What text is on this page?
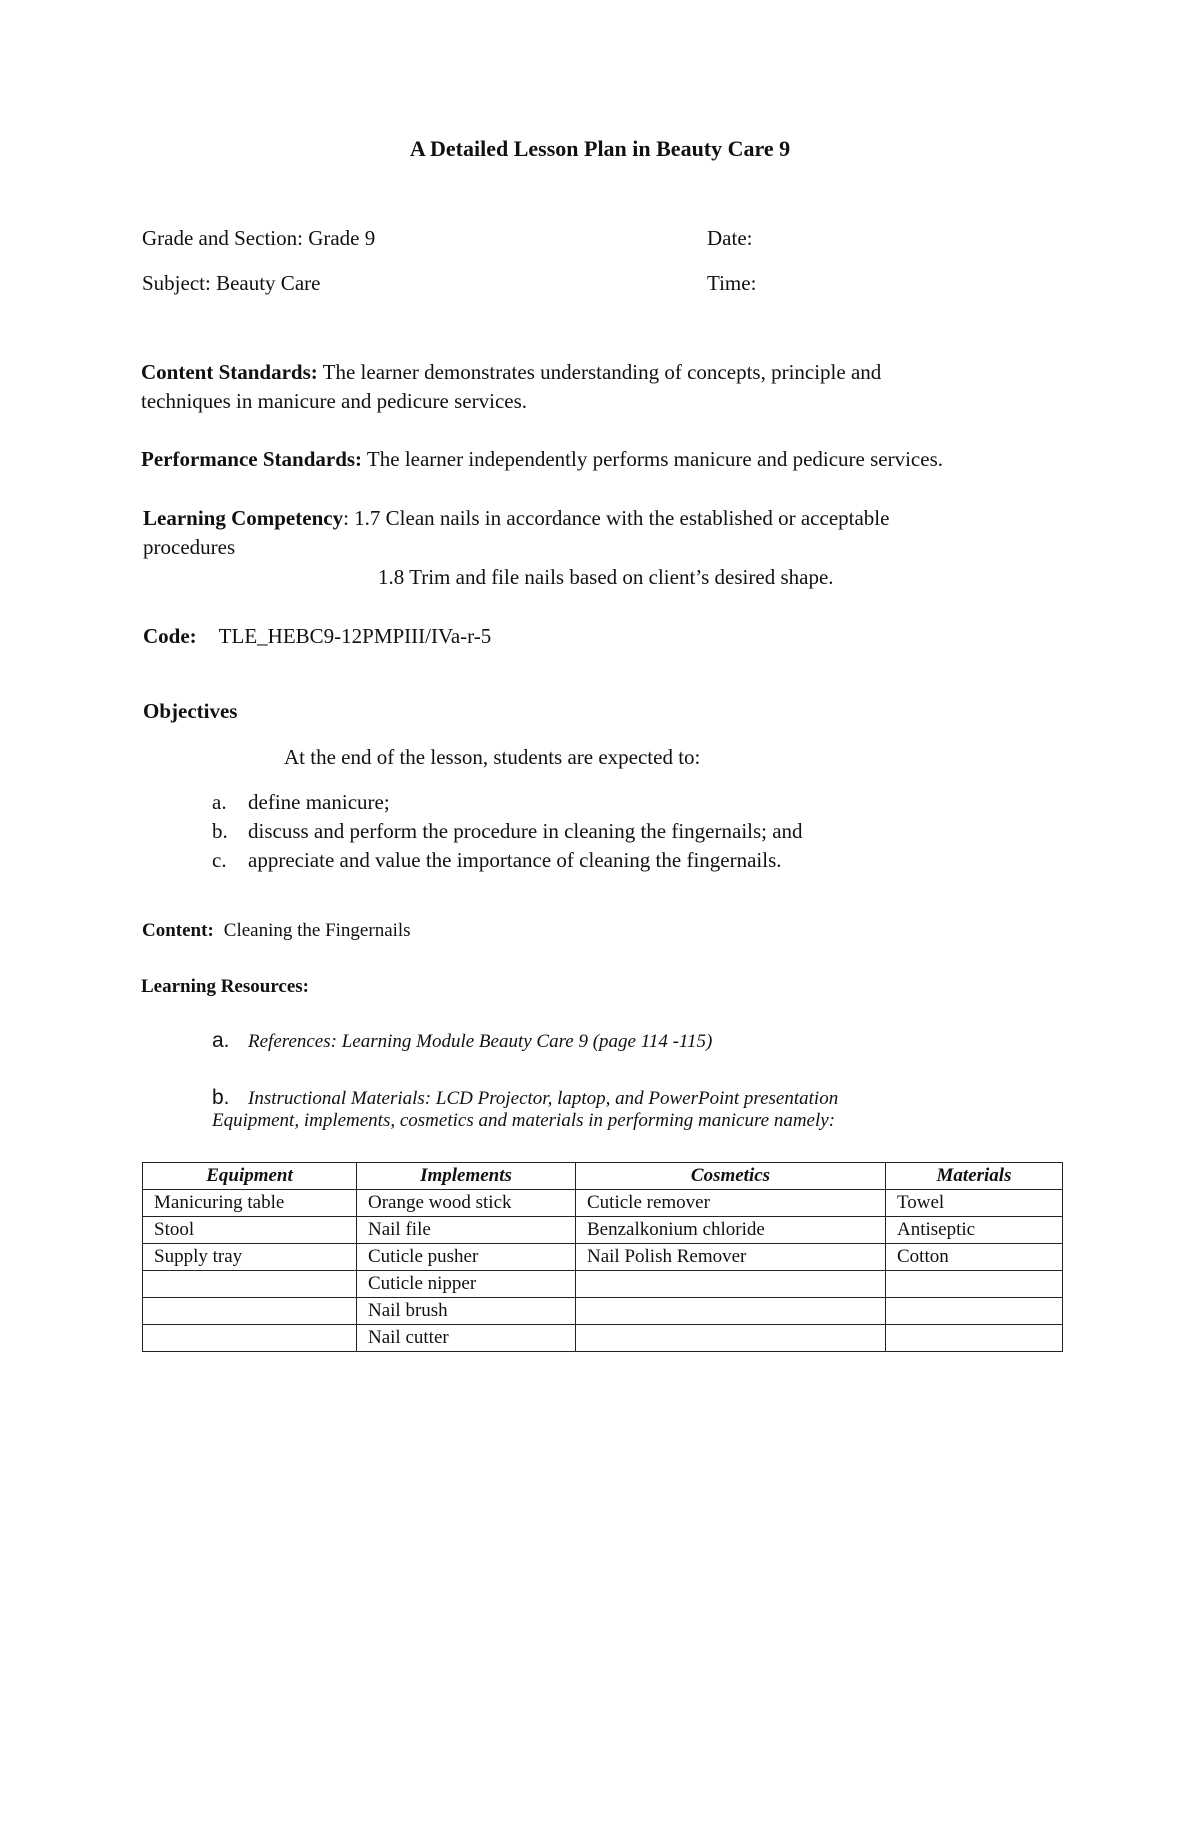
A Detailed Lesson Plan in Beauty Care 9
Grade and Section: Grade 9	Date:
Subject: Beauty Care	Time:
Content Standards: The learner demonstrates understanding of concepts, principle and
techniques in manicure and pedicure services.
Performance Standards: The learner independently performs manicure and pedicure services.
Learning Competency: 1.7 Clean nails in accordance with the established or acceptable
procedures
1.8 Trim and file nails based on client’s desired shape.
Code: TLE_HEBC9-12PMPIII/IVa-r-5
Objectives
At the end of the lesson, students are expected to:
a. define manicure;
b. discuss and perform the procedure in cleaning the fingernails; and
c. appreciate and value the importance of cleaning the fingernails.
Content: Cleaning the Fingernails
Learning Resources:
a. References: Learning Module Beauty Care 9 (page 114 -115)
b. Instructional Materials: LCD Projector, laptop, and PowerPoint presentation
Equipment, implements, cosmetics and materials in performing manicure namely:
Equipment	Implements	Cosmetics	Materials
Manicuring table	Orange wood stick	Cuticle remover	Towel
Stool	Nail file	Benzalkonium chloride	Antiseptic
Supply tray	Cuticle pusher	Nail Polish Remover	Cotton
	Cuticle nipper		
	Nail brush		
	Nail cutter		
